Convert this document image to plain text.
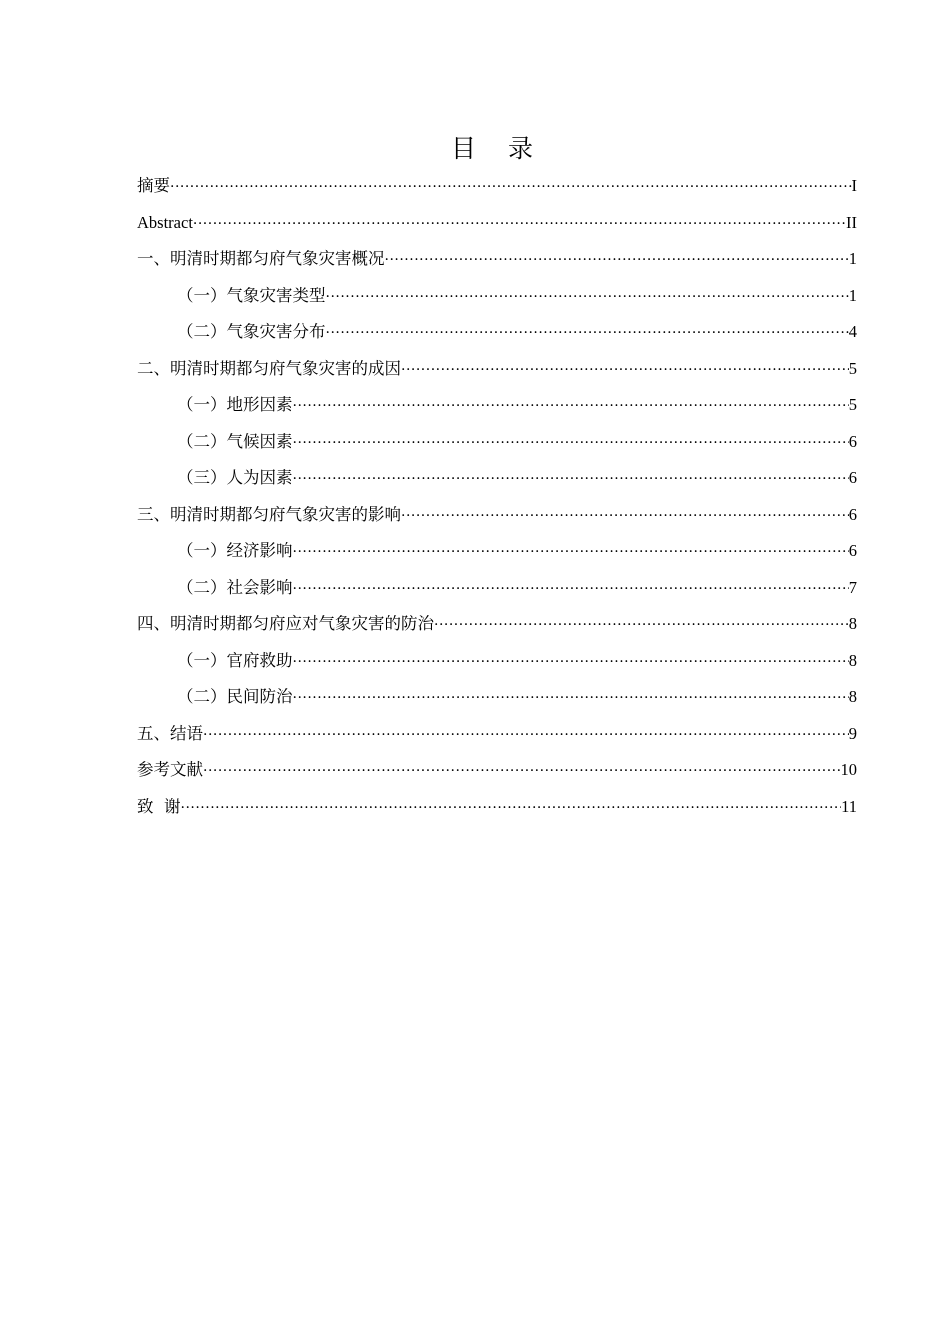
目 录
摘要 ·····	I
Abstract ·····	II
一、明清时期都匀府气象灾害概况 ·····	1
（一）气象灾害类型 ·····	1
（二）气象灾害分布 ·····	4
二、明清时期都匀府气象灾害的成因 ·····	5
（一）地形因素 ·····	5
（二）气候因素 ·····	6
（三）人为因素 ·····	6
三、明清时期都匀府气象灾害的影响 ·····	6
（一）经济影响 ·····	6
（二）社会影响 ·····	7
四、明清时期都匀府应对气象灾害的防治 ·····	8
（一）官府救助 ·····	8
（二）民间防治 ·····	8
五、结语 ·····	9
参考文献 ·····	10
致  谢 ·····	11
